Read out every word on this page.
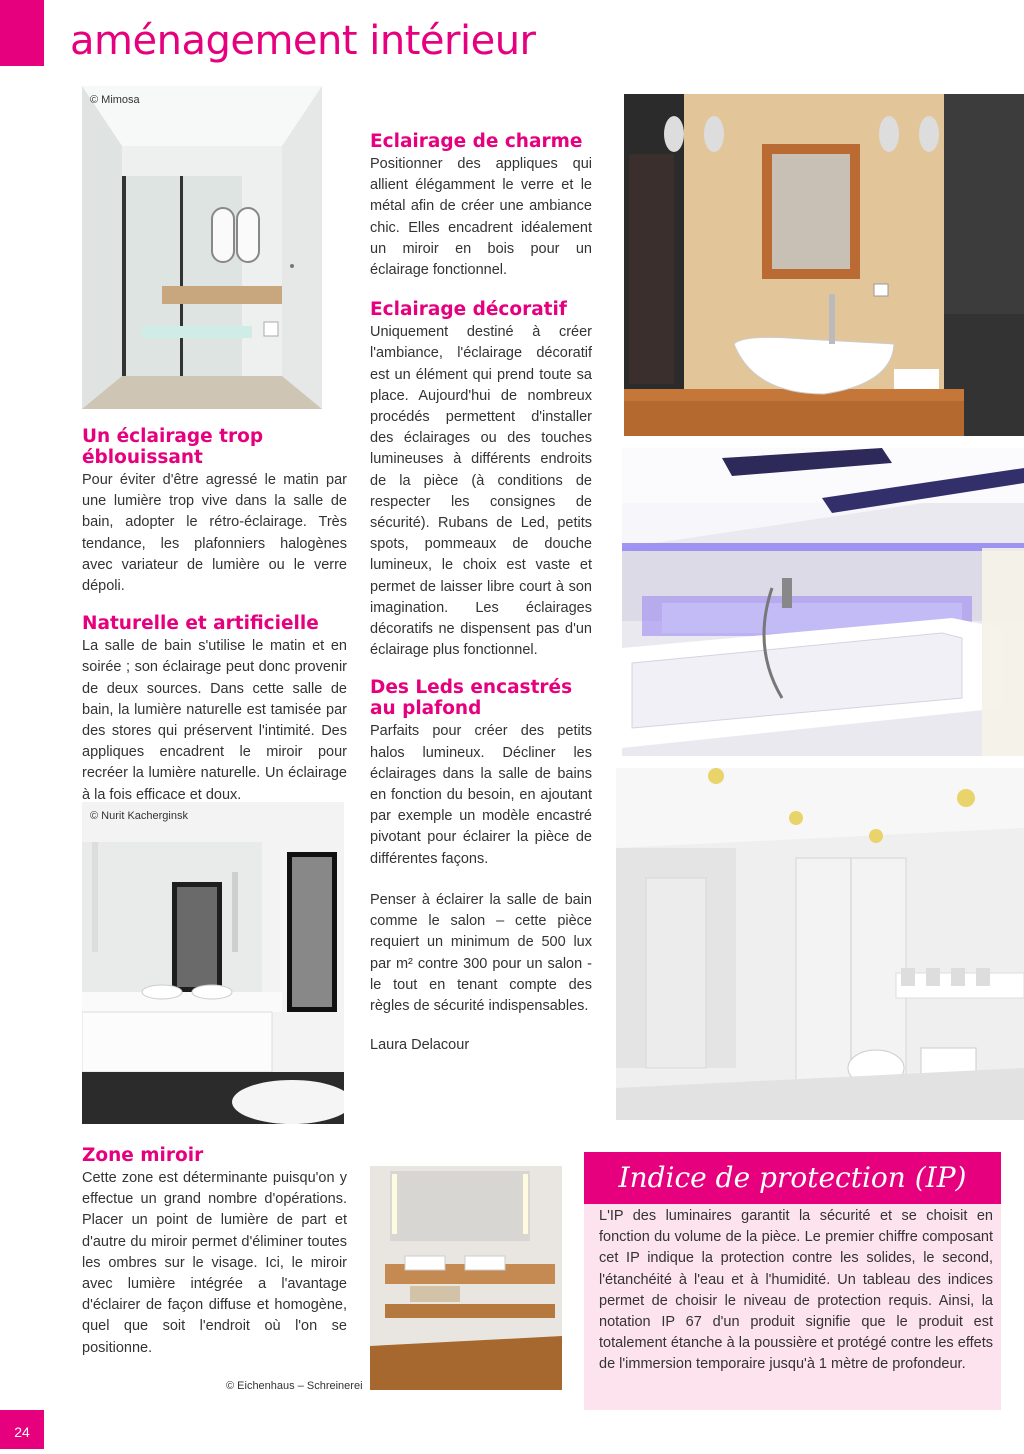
aménagement intérieur
© Mimosa
© Nurit Kacherginsk
© Eichenhaus – Schreinerei
Un éclairage trop éblouissant

Pour éviter d'être agressé le matin par une lumière trop vive dans la salle de bain, adopter le rétro-éclairage. Très tendance, les plafonniers halogènes avec variateur de lumière ou le verre dépoli.

Naturelle et artificielle

La salle de bain s'utilise le matin et en soirée ; son éclairage peut donc provenir de deux sources. Dans cette salle de bain, la lumière naturelle est tamisée par des stores qui préservent l'intimité. Des appliques encadrent le miroir pour recréer la lumière naturelle. Un éclairage à la fois efficace et doux.

Zone miroir

Cette zone est déterminante puisqu'on y effectue un grand nombre d'opérations. Placer un point de lumière de part et d'autre du miroir permet d'éliminer toutes les ombres sur le visage. Ici, le miroir avec lumière intégrée a l'avantage d'éclairer de façon diffuse et homogène, quel que soit l'endroit où l'on se positionne.

Eclairage de charme

Positionner des appliques qui allient élégamment le verre et le métal afin de créer une ambiance chic. Elles encadrent idéalement un miroir en bois pour un éclairage fonctionnel.

Eclairage décoratif

Uniquement destiné à créer l'ambiance, l'éclairage décoratif est un élément qui prend toute sa place. Aujourd'hui de nombreux procédés permettent d'installer des éclairages ou des touches lumineuses à différents endroits de la pièce (à conditions de respecter les consignes de sécurité). Rubans de Led, petits spots, pommeaux de douche lumineux, le choix est vaste et permet de laisser libre court à son imagination. Les éclairages décoratifs ne dispensent pas d'un éclairage plus fonctionnel.

Des Leds encastrés au plafond

Parfaits pour créer des petits halos lumineux. Décliner les éclairages dans la salle de bains en fonction du besoin, en ajoutant par exemple un modèle encastré pivotant pour éclairer la pièce de différentes façons.

Penser à éclairer la salle de bain comme le salon – cette pièce requiert un minimum de 500 lux par m² contre 300 pour un salon - le tout en tenant compte des règles de sécurité indispensables.

Laura Delacour
Indice de protection (IP)
L'IP des luminaires garantit la sécurité et se choisit en fonction du volume de la pièce. Le premier chiffre composant cet IP indique la protection contre les solides, le second, l'étanchéité à l'eau et à l'humidité. Un tableau des indices permet de choisir le niveau de protection requis. Ainsi, la notation IP 67 d'un produit signifie que le produit est totalement étanche à la poussière et protégé contre les effets de l'immersion temporaire jusqu'à 1 mètre de profondeur.
24
